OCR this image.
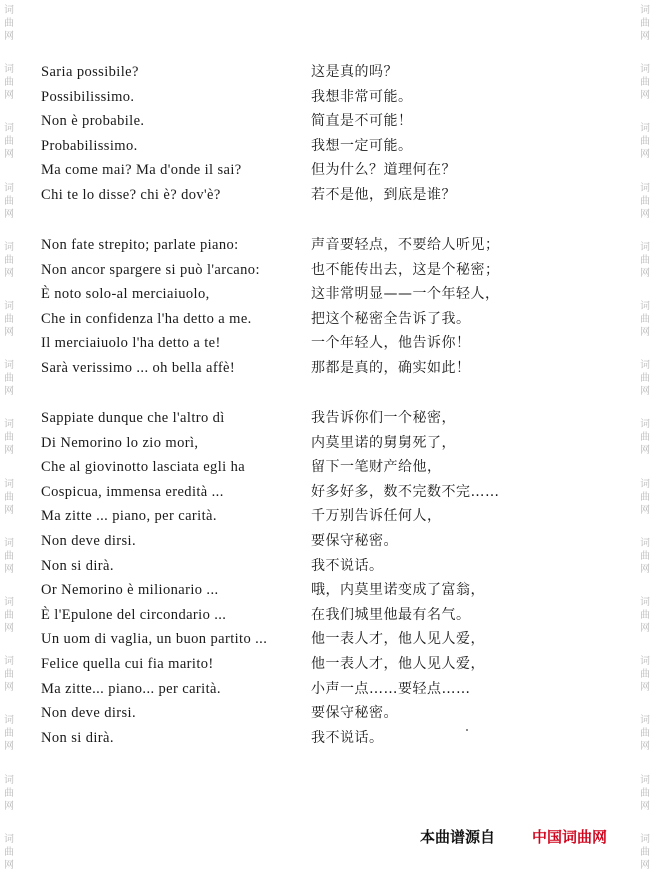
词
曲
网
词
曲
网
词
曲
网
词
曲
网
词
曲
网
词
曲
网
词
曲
网
词
曲
网
词
曲
网
词
曲
网
词
曲
网
词
曲
网
词
曲
网
词
曲
网
词
曲
网
词
曲
网
词
曲
网
词
曲
网
词
曲
网
词
曲
网
词
曲
网
词
曲
网
词
曲
网
词
曲
网
词
曲
网
词
曲
网
词
曲
网
词
曲
网
词
曲
网
词
曲
网
Saria possibile?	这是真的吗？
Possibilissimo.	我想非常可能。
Non è probabile.	简直是不可能！
Probabilissimo.	我想一定可能。
Ma come mai? Ma d'onde il sai?	但为什么？道理何在？
Chi te lo disse? chi è? dov'è?	若不是他，到底是谁？
Non fate strepito; parlate piano:	声音要轻点，不要给人听见；
Non ancor spargere si può l'arcano:	也不能传出去，这是个秘密；
È noto solo-al merciaiuolo,	这非常明显——一个年轻人，
Che in confidenza l'ha detto a me.	把这个秘密全告诉了我。
Il merciaiuolo l'ha detto a te!	一个年轻人，他告诉你！
Sarà verissimo ... oh bella affè!	那都是真的，确实如此！
Sappiate dunque che l'altro dì	我告诉你们一个秘密，
Di Nemorino lo zio morì,	内莫里诺的舅舅死了，
Che al giovinotto lasciata egli ha	留下一笔财产给他，
Cospicua, immensa eredità ...	好多好多，数不完数不完……
Ma zitte ... piano, per carità.	千万别告诉任何人，
Non deve dirsi.	要保守秘密。
Non si dirà.	我不说话。
Or Nemorino è milionario ...	哦，内莫里诺变成了富翁，
È l'Epulone del circondario ...	在我们城里他最有名气。
Un uom di vaglia, un buon partito ...	他一表人才，他人见人爱，
Felice quella cui fia marito!	他一表人才，他人见人爱，
Ma zitte... piano... per carità.	小声一点……要轻点……
Non deve dirsi.	要保守秘密。
Non si dirà.	我不说话。
本曲谱源自 中国词曲网
